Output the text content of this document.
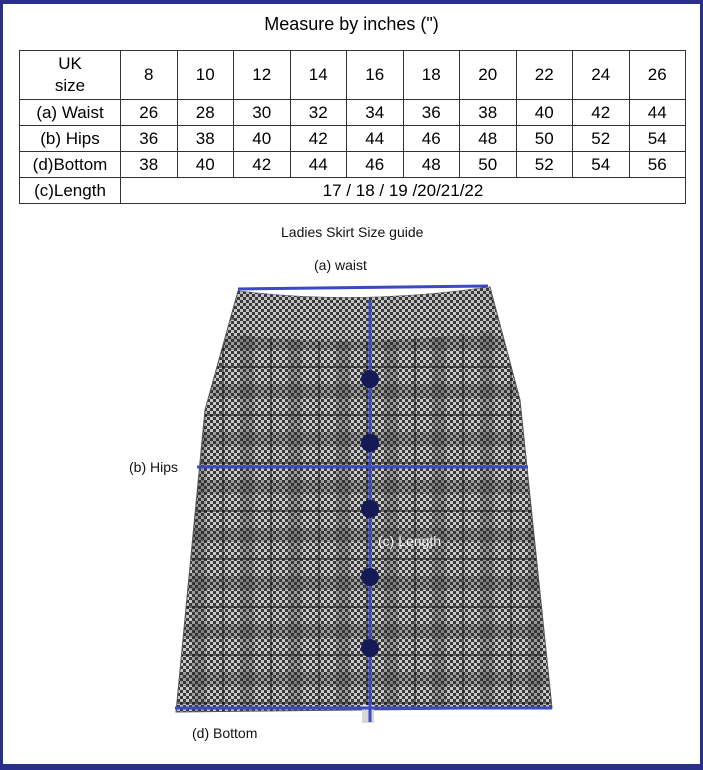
Measure by inches (")
UK
size	8	10	12	14	16	18	20	22	24	26
(a) Waist	26	28	30	32	34	36	38	40	42	44
(b) Hips	36	38	40	42	44	46	48	50	52	54
(d)Bottom	38	40	42	44	46	48	50	52	54	56
(c)Length	17 / 18 / 19 /20/21/22									
Ladies Skirt Size guide
(a) waist
(b) Hips
(c) Length
(d) Bottom
